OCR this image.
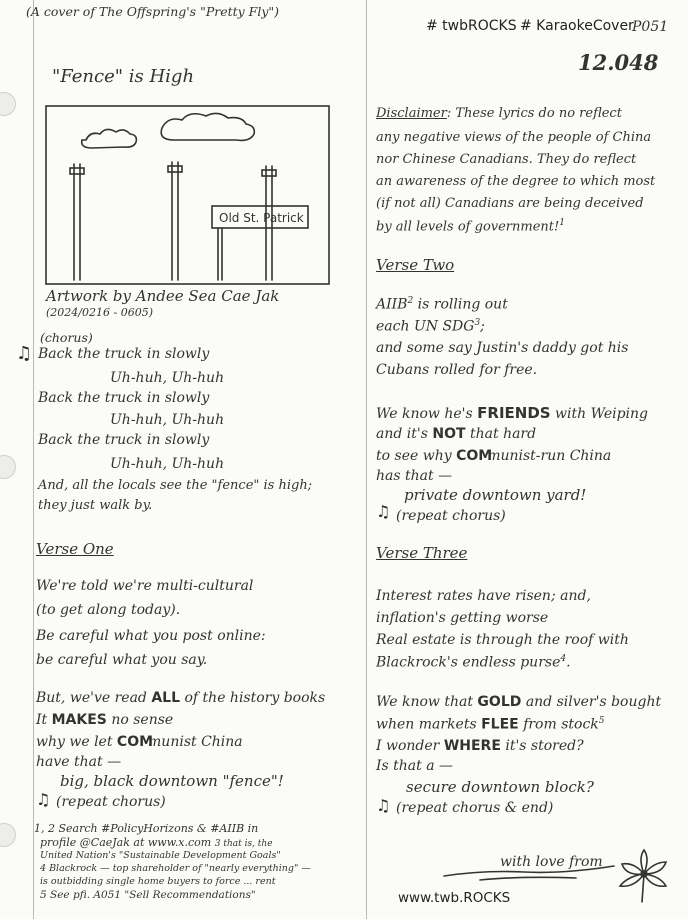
(A cover of The Offspring's "Pretty Fly")
# twbROCKS # KaraokeCover
P051
12.048
"Fence" is High
Old St. Patrick
Artwork by Andee Sea Cae Jak
(2024/0216 - 0605)
(chorus)
♫ Back the truck in slowly
Uh-huh, Uh-huh
Back the truck in slowly
Uh-huh, Uh-huh
Back the truck in slowly
Uh-huh, Uh-huh
And, all the locals see the "fence" is high;
they just walk by.
Verse One
We're told we're multi-cultural
(to get along today).
Be careful what you post online:
be careful what you say.
But, we've read ALL of the history books
It MAKES no sense
why we let COMmunist China
have that —
big, black downtown "fence"!
♫ (repeat chorus)
1, 2 Search #PolicyHorizons & #AIIB in
profile @CaeJak at www.x.com 3 that is, the
United Nation's "Sustainable Development Goals"
4 Blackrock — top shareholder of "nearly everything" —
is outbidding single home buyers to force ... rent
5 See pfi. A051 "Sell Recommendations"
Disclaimer: These lyrics do no reflect
any negative views of the people of China
nor Chinese Canadians. They do reflect
an awareness of the degree to which most
(if not all) Canadians are being deceived
by all levels of government!$^1$
Verse Two
AIIB$^2$ is rolling out
each UN SDG$^3$;
and some say Justin's daddy got his
Cubans rolled for free.
We know he's FRIENDS with Weiping
and it's NOT that hard
to see why COMmunist-run China
has that —
private downtown yard!
♫ (repeat chorus)
Verse Three
Interest rates have risen; and,
inflation's getting worse
Real estate is through the roof with
Blackrock's endless purse$^4$.
We know that GOLD and silver's bought
when markets FLEE from stock$^5$
I wonder WHERE it's stored?
Is that a —
secure downtown block?
♫ (repeat chorus & end)
with love from
www.twb.ROCKS
